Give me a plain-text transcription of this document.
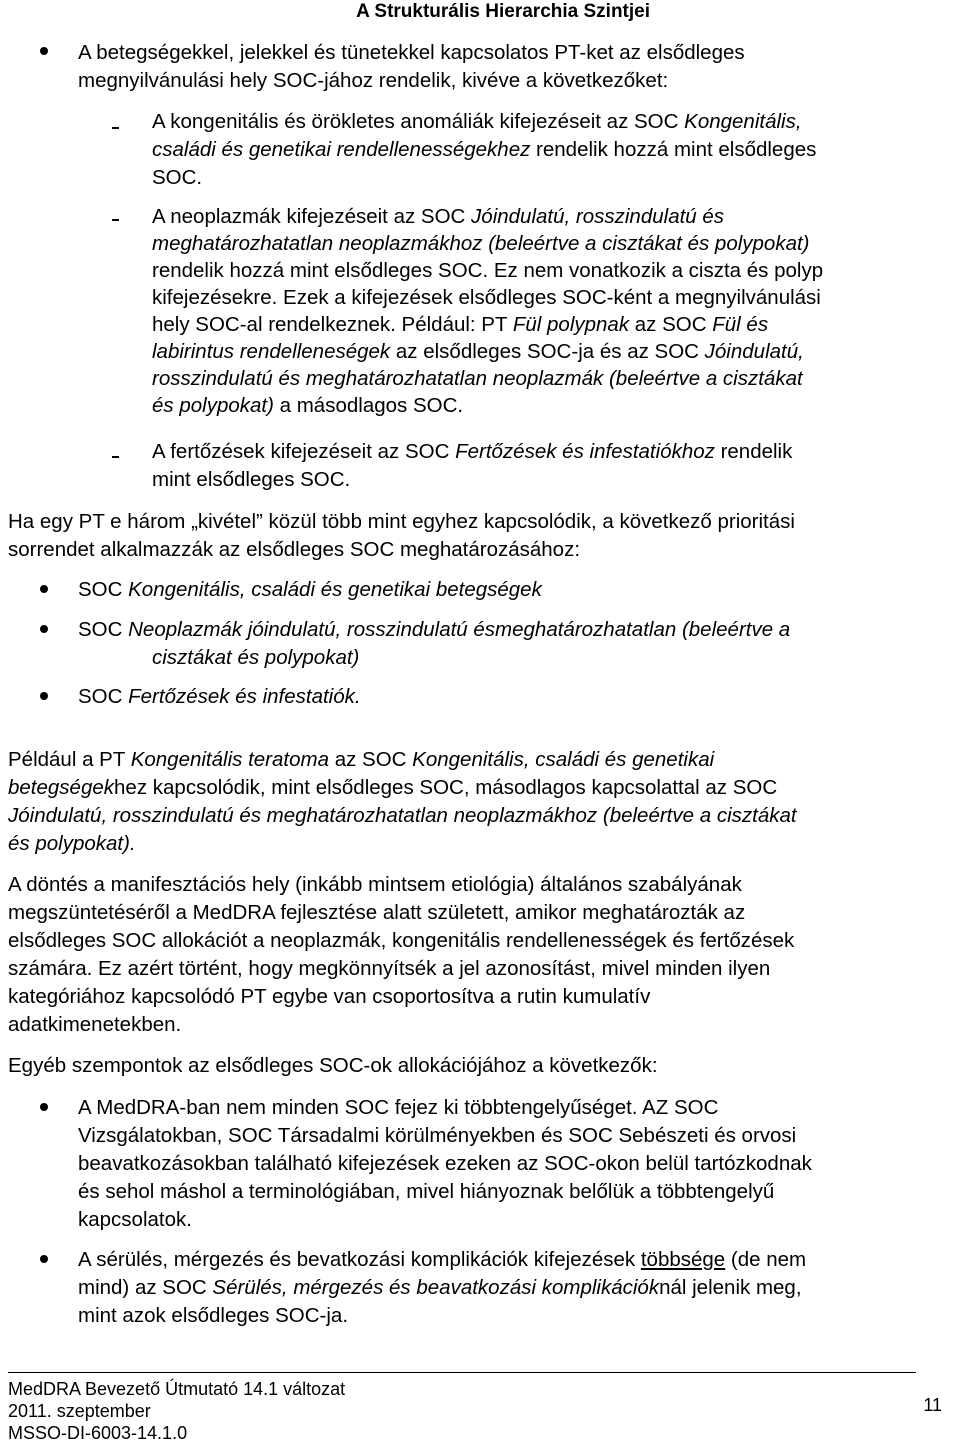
A Strukturális Hierarchia Szintjei
A betegségekkel, jelekkel és tünetekkel kapcsolatos PT-ket az elsődleges
megnyilvánulási hely SOC-jához rendelik, kivéve a következőket:
A kongenitális és örökletes anomáliák kifejezéseit az SOC Kongenitális,
családi és genetikai rendellenességekhez rendelik hozzá mint elsődleges
SOC.
A neoplazmák kifejezéseit az SOC Jóindulatú, rosszindulatú és
meghatározhatatlan neoplazmákhoz (beleértve a cisztákat és polypokat)
rendelik hozzá mint elsődleges SOC. Ez nem vonatkozik a ciszta és polyp
kifejezésekre. Ezek a kifejezések elsődleges SOC-ként a megnyilvánulási
hely SOC-al rendelkeznek. Például: PT Fül polypnak az SOC Fül és
labirintus rendelleneségek az elsődleges SOC-ja és az SOC Jóindulatú,
rosszindulatú és meghatározhatatlan neoplazmák (beleértve a cisztákat
és polypokat) a másodlagos SOC.
A fertőzések kifejezéseit az SOC Fertőzések és infestatiókhoz rendelik
mint elsődleges SOC.
Ha egy PT e három „kivétel” közül több mint egyhez kapcsolódik, a következő prioritási
sorrendet alkalmazzák az elsődleges SOC meghatározásához:
SOC Kongenitális, családi és genetikai betegségek
SOC Neoplazmák jóindulatú, rosszindulatú ésmeghatározhatatlan (beleértve a
cisztákat és polypokat)
SOC Fertőzések és infestatiók.
Például a PT Kongenitális teratoma az SOC Kongenitális, családi és genetikai
betegségekhez kapcsolódik, mint elsődleges SOC, másodlagos kapcsolattal az SOC
Jóindulatú, rosszindulatú és meghatározhatatlan neoplazmákhoz (beleértve a cisztákat
és polypokat).
A döntés a manifesztációs hely (inkább mintsem etiológia) általános szabályának
megszüntetéséről a MedDRA fejlesztése alatt született, amikor meghatározták az
elsődleges SOC allokációt a neoplazmák, kongenitális rendellenességek és fertőzések
számára. Ez azért történt, hogy megkönnyítsék a jel azonosítást, mivel minden ilyen
kategóriához kapcsolódó PT egybe van csoportosítva a rutin kumulatív
adatkimenetekben.
Egyéb szempontok az elsődleges SOC-ok allokációjához a következők:
A MedDRA-ban nem minden SOC fejez ki többtengelyűséget. AZ SOC
Vizsgálatokban, SOC Társadalmi körülményekben és SOC Sebészeti és orvosi
beavatkozásokban található kifejezések ezeken az SOC-okon belül tartózkodnak
és sehol máshol a terminológiában, mivel hiányoznak belőlük a többtengelyű
kapcsolatok.
A sérülés, mérgezés és bevatkozási komplikációk kifejezések többsége (de nem
mind) az SOC Sérülés, mérgezés és beavatkozási komplikációknál jelenik meg,
mint azok elsődleges SOC-ja.
MedDRA Bevezető Útmutató 14.1 változat
2011. szeptember
MSSO-DI-6003-14.1.0
11
